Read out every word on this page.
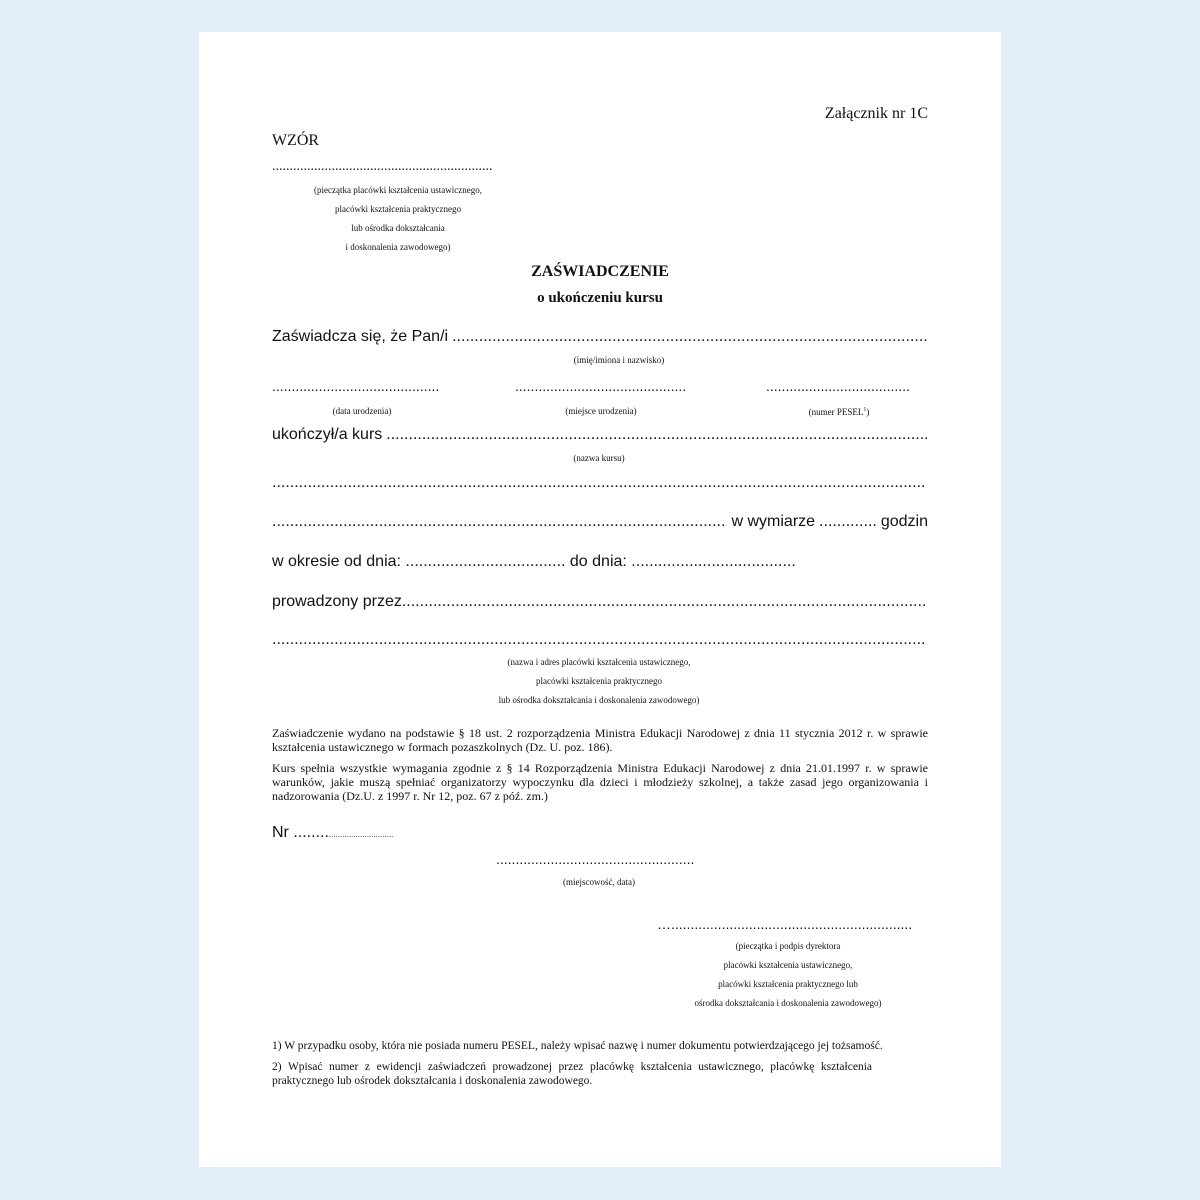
Załącznik nr 1C
WZÓR
...............................................................
(pieczątka placówki kształcenia ustawicznego,
placówki kształcenia praktycznego
lub ośrodka dokształcania
i doskonalenia zawodowego)
ZAŚWIADCZENIE
o ukończeniu kursu
Zaświadcza się, że Pan/i
.....
(imię/imiona i nazwisko)
...........................................	............................................	.....................................
(data urodzenia)	(miejsce urodzenia)	(numer PESEL$^1$)
ukończył/a kurs
.....
(nazwa kursu)
.....
.....
w wymiarze ............. godzin
w okresie od dnia: .................................... do dnia: .....................................
prowadzony przez
.....
.....
(nazwa i adres placówki kształcenia ustawicznego,
placówki kształcenia praktycznego
lub ośrodka dokształcania i doskonalenia zawodowego)
Zaświadczenie wydano na podstawie § 18 ust. 2 rozporządzenia Ministra Edukacji Narodowej z dnia 11 stycznia 2012 r. w sprawie kształcenia ustawicznego w formach pozaszkolnych (Dz. U. poz. 186).
Kurs spełnia wszystkie wymagania zgodnie z § 14 Rozporządzenia Ministra Edukacji Narodowej z dnia 21.01.1997 r. w sprawie warunków, jakie muszą spełniać organizatorzy wypoczynku dla dzieci i młodzieży szkolnej, a także zasad jego organizowania i nadzorowania (Dz.U. z 1997 r. Nr 12, poz. 67 z póź. zm.)
Nr .....................................
...................................................
(miejscowość, data)
…..............................................................
(pieczątka i podpis dyrektora
placówki kształcenia ustawicznego,
placówki kształcenia praktycznego lub
ośrodka dokształcania i doskonalenia zawodowego)
1) W przypadku osoby, która nie posiada numeru PESEL, należy wpisać nazwę i numer dokumentu potwierdzającego jej tożsamość.
2) Wpisać numer z ewidencji zaświadczeń prowadzonej przez placówkę kształcenia ustawicznego, placówkę kształcenia praktycznego lub ośrodek dokształcania i doskonalenia zawodowego.
